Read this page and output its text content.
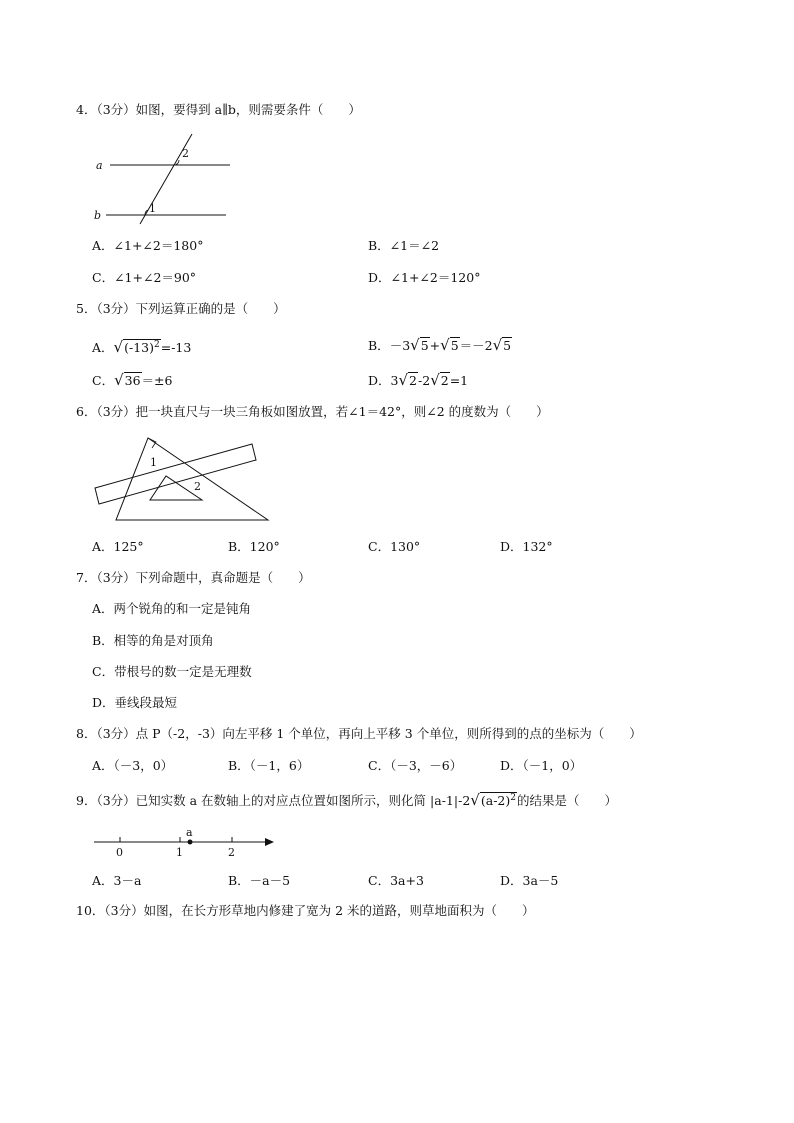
4．（3分）如图，要得到 a∥b，则需要条件（　　）
a
b
2
1
A．∠1+∠2＝180°	B．∠1＝∠2
C．∠1+∠2＝90°	D．∠1+∠2＝120°
5．（3分）下列运算正确的是（　　）
A．$√(-13)^2=-13$	B．－3√5+√5＝－2√5
C．√36＝±6	D．3√2-2√2=1
6．（3分）把一块直尺与一块三角板如图放置，若∠1＝42°，则∠2 的度数为（　　）
1
2
A．125°	B．120°	C．130°	D．132°
7．（3分）下列命题中，真命题是（　　）
A．两个锐角的和一定是钝角
B．相等的角是对顶角
C．带根号的数一定是无理数
D．垂线段最短
8．（3分）点 P（-2，-3）向左平移 1 个单位，再向上平移 3 个单位，则所得到的点的坐标为（　　）
A．（－3，0）	B．（－1，6）	C．（－3，－6）	D．（－1，0）
9．（3分）已知实数 a 在数轴上的对应点位置如图所示，则化简 $|a-1|-2√(a-2)^2$的结果是（　　）
a
0	1	2
A．3－a	B．－a－5	C．3a+3	D．3a－5
10．（3分）如图，在长方形草地内修建了宽为 2 米的道路，则草地面积为（　　）
